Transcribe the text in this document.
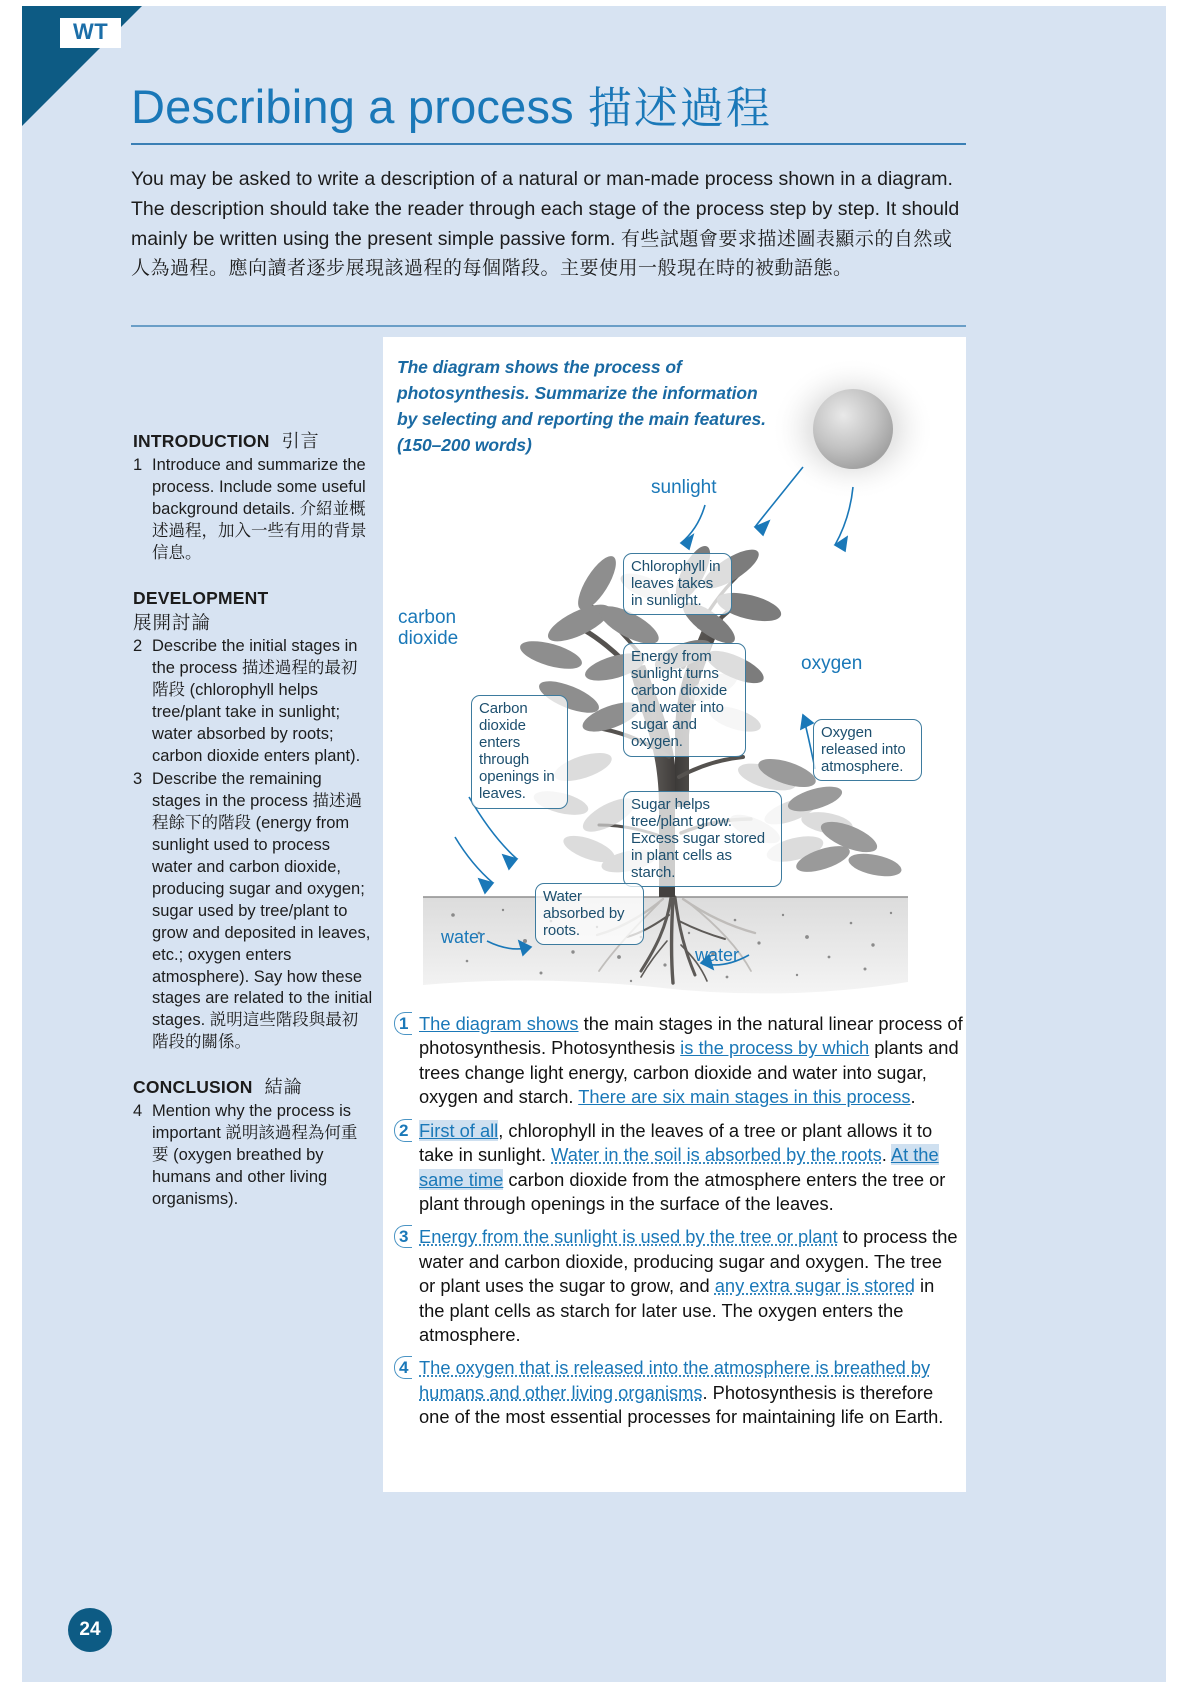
WT
Describing a process 描述過程
You may be asked to write a description of a natural or man-made process shown in a diagram. The description should take the reader through each stage of the process step by step. It should mainly be written using the present simple passive form. 有些試題會要求描述圖表顯示的自然或人為過程。應向讀者逐步展現該過程的每個階段。主要使用一般現在時的被動語態。
INTRODUCTION 引言
1 Introduce and summarize the process. Include some useful background details. 介紹並概述過程，加入一些有用的背景信息。
DEVELOPMENT
展開討論
2 Describe the initial stages in the process 描述過程的最初階段 (chlorophyll helps tree/plant take in sunlight; water absorbed by roots; carbon dioxide enters plant).
3 Describe the remaining stages in the process 描述過程餘下的階段 (energy from sunlight used to process water and carbon dioxide, producing sugar and oxygen; sugar used by tree/plant to grow and deposited in leaves, etc.; oxygen enters atmosphere). Say how these stages are related to the initial stages. 説明這些階段與最初階段的關係。
CONCLUSION 結論
4 Mention why the process is important 説明該過程為何重要 (oxygen breathed by humans and other living organisms).
The diagram shows the process of photosynthesis. Summarize the information by selecting and reporting the main features. (150–200 words)
sunlight
carbon dioxide
oxygen
water
water
Chlorophyll in leaves takes in sunlight.
Energy from sunlight turns carbon dioxide and water into sugar and oxygen.
Carbon dioxide enters through openings in leaves.
Oxygen released into atmosphere.
Sugar helps tree/plant grow. Excess sugar stored in plant cells as starch.
Water absorbed by roots.
1 The diagram shows the main stages in the natural linear process of photosynthesis. Photosynthesis is the process by which plants and trees change light energy, carbon dioxide and water into sugar, oxygen and starch. There are six main stages in this process.
2 First of all, chlorophyll in the leaves of a tree or plant allows it to take in sunlight. Water in the soil is absorbed by the roots. At the same time carbon dioxide from the atmosphere enters the tree or plant through openings in the surface of the leaves.
3 Energy from the sunlight is used by the tree or plant to process the water and carbon dioxide, producing sugar and oxygen. The tree or plant uses the sugar to grow, and any extra sugar is stored in the plant cells as starch for later use. The oxygen enters the atmosphere.
4 The oxygen that is released into the atmosphere is breathed by humans and other living organisms. Photosynthesis is therefore one of the most essential processes for maintaining life on Earth.
24
